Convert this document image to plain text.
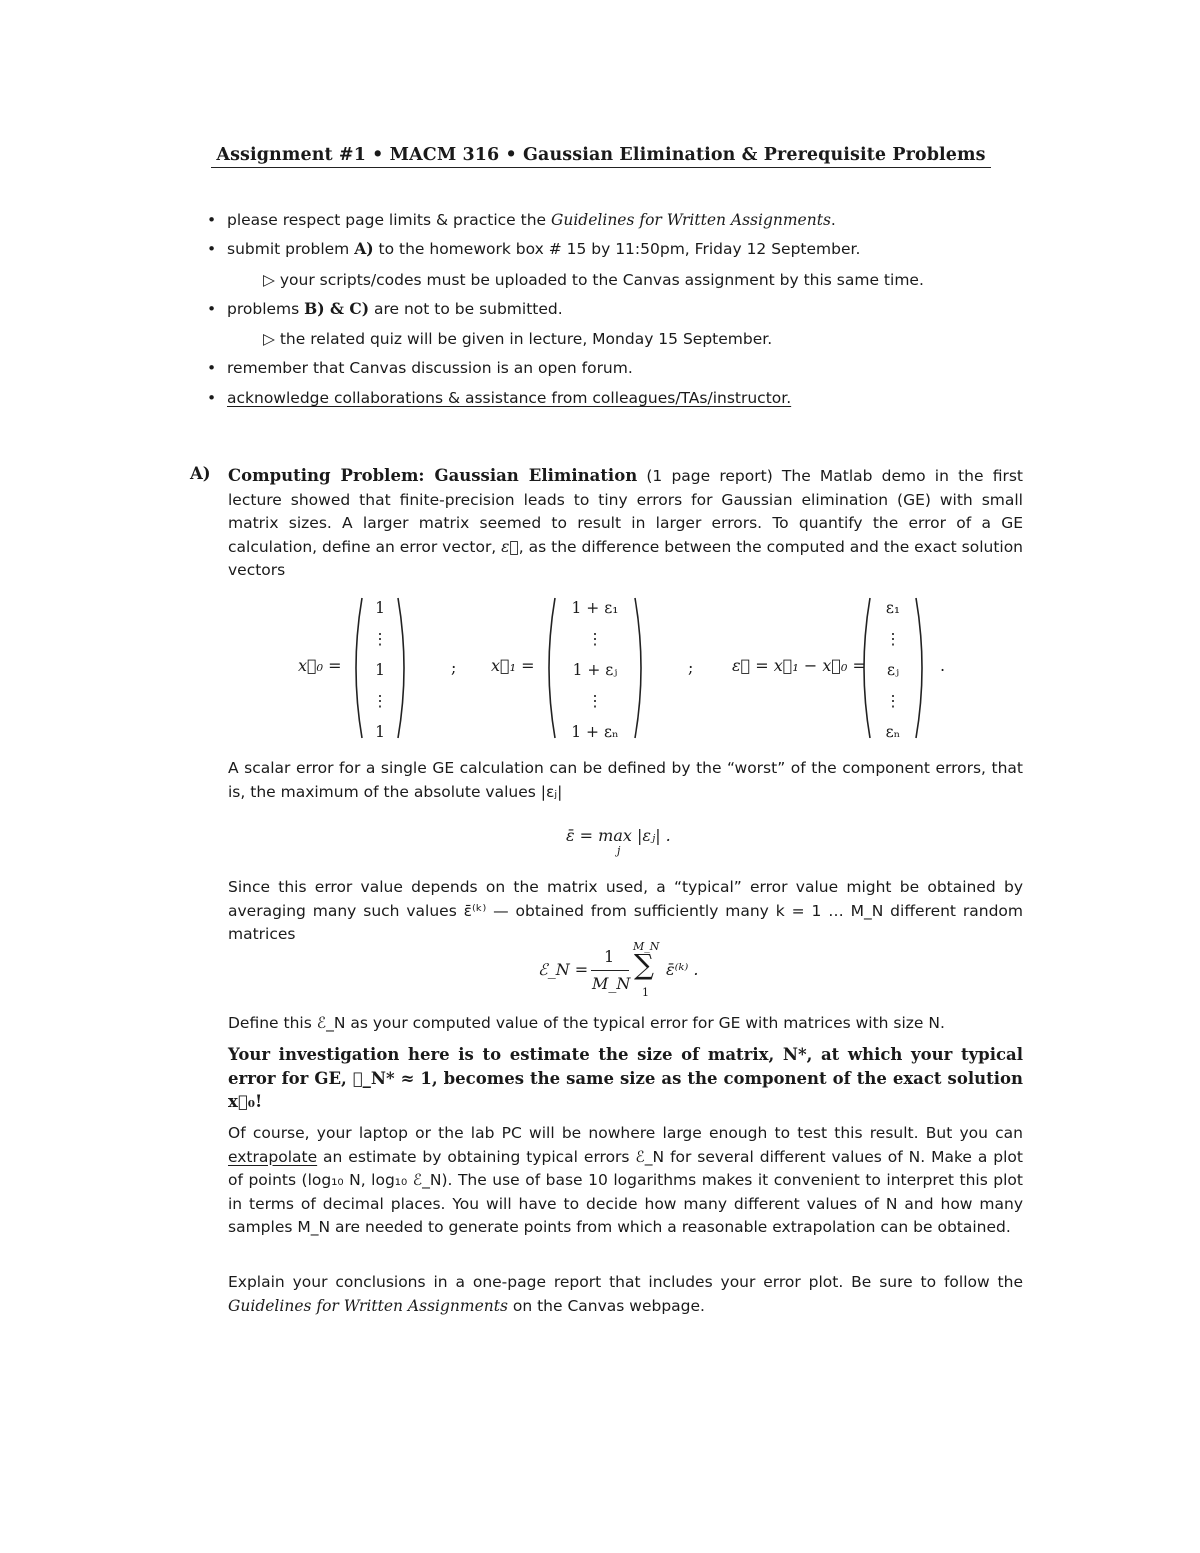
Assignment #1 • MACM 316 • Gaussian Elimination & Prerequisite Problems
• please respect page limits & practice the Guidelines for Written Assignments.
• submit problem A) to the homework box # 15 by 11:50pm, Friday 12 September.
▷ your scripts/codes must be uploaded to the Canvas assignment by this same time.
• problems B) & C) are not to be submitted.
▷ the related quiz will be given in lecture, Monday 15 September.
• remember that Canvas discussion is an open forum.
• acknowledge collaborations & assistance from colleagues/TAs/instructor.
A) Computing Problem: Gaussian Elimination (1 page report) The Matlab demo in the first lecture showed that finite-precision leads to tiny errors for Gaussian elimination (GE) with small matrix sizes. A larger matrix seemed to result in larger errors. To quantify the error of a GE calculation, define an error vector, ε⃗, as the difference between the computed and the exact solution vectors
x⃗₀ =
1
⋮
1
⋮
1
; x⃗₁ =
1 + ε₁
⋮
1 + εⱼ
⋮
1 + εₙ
; ε⃗ = x⃗₁ − x⃗₀ =
ε₁
⋮
εⱼ
⋮
εₙ
.
A scalar error for a single GE calculation can be defined by the “worst” of the component errors, that is, the maximum of the absolute values |εⱼ|
ε̄ = max |εⱼ| .
j
Since this error value depends on the matrix used, a “typical” error value might be obtained by averaging many such values ε̄⁽ᵏ⁾ — obtained from sufficiently many k = 1 … M_N different random matrices
ℰ_N =
1
M_N
M_N
∑
1
ε̄⁽ᵏ⁾ .
Define this ℰ_N as your computed value of the typical error for GE with matrices with size N.
Your investigation here is to estimate the size of matrix, N*, at which your typical error for GE, ℰ_N* ≈ 1, becomes the same size as the component of the exact solution x⃗₀!
Of course, your laptop or the lab PC will be nowhere large enough to test this result. But you can extrapolate an estimate by obtaining typical errors ℰ_N for several different values of N. Make a plot of points (log₁₀ N, log₁₀ ℰ_N). The use of base 10 logarithms makes it convenient to interpret this plot in terms of decimal places. You will have to decide how many different values of N and how many samples M_N are needed to generate points from which a reasonable extrapolation can be obtained.
Explain your conclusions in a one-page report that includes your error plot. Be sure to follow the Guidelines for Written Assignments on the Canvas webpage.
